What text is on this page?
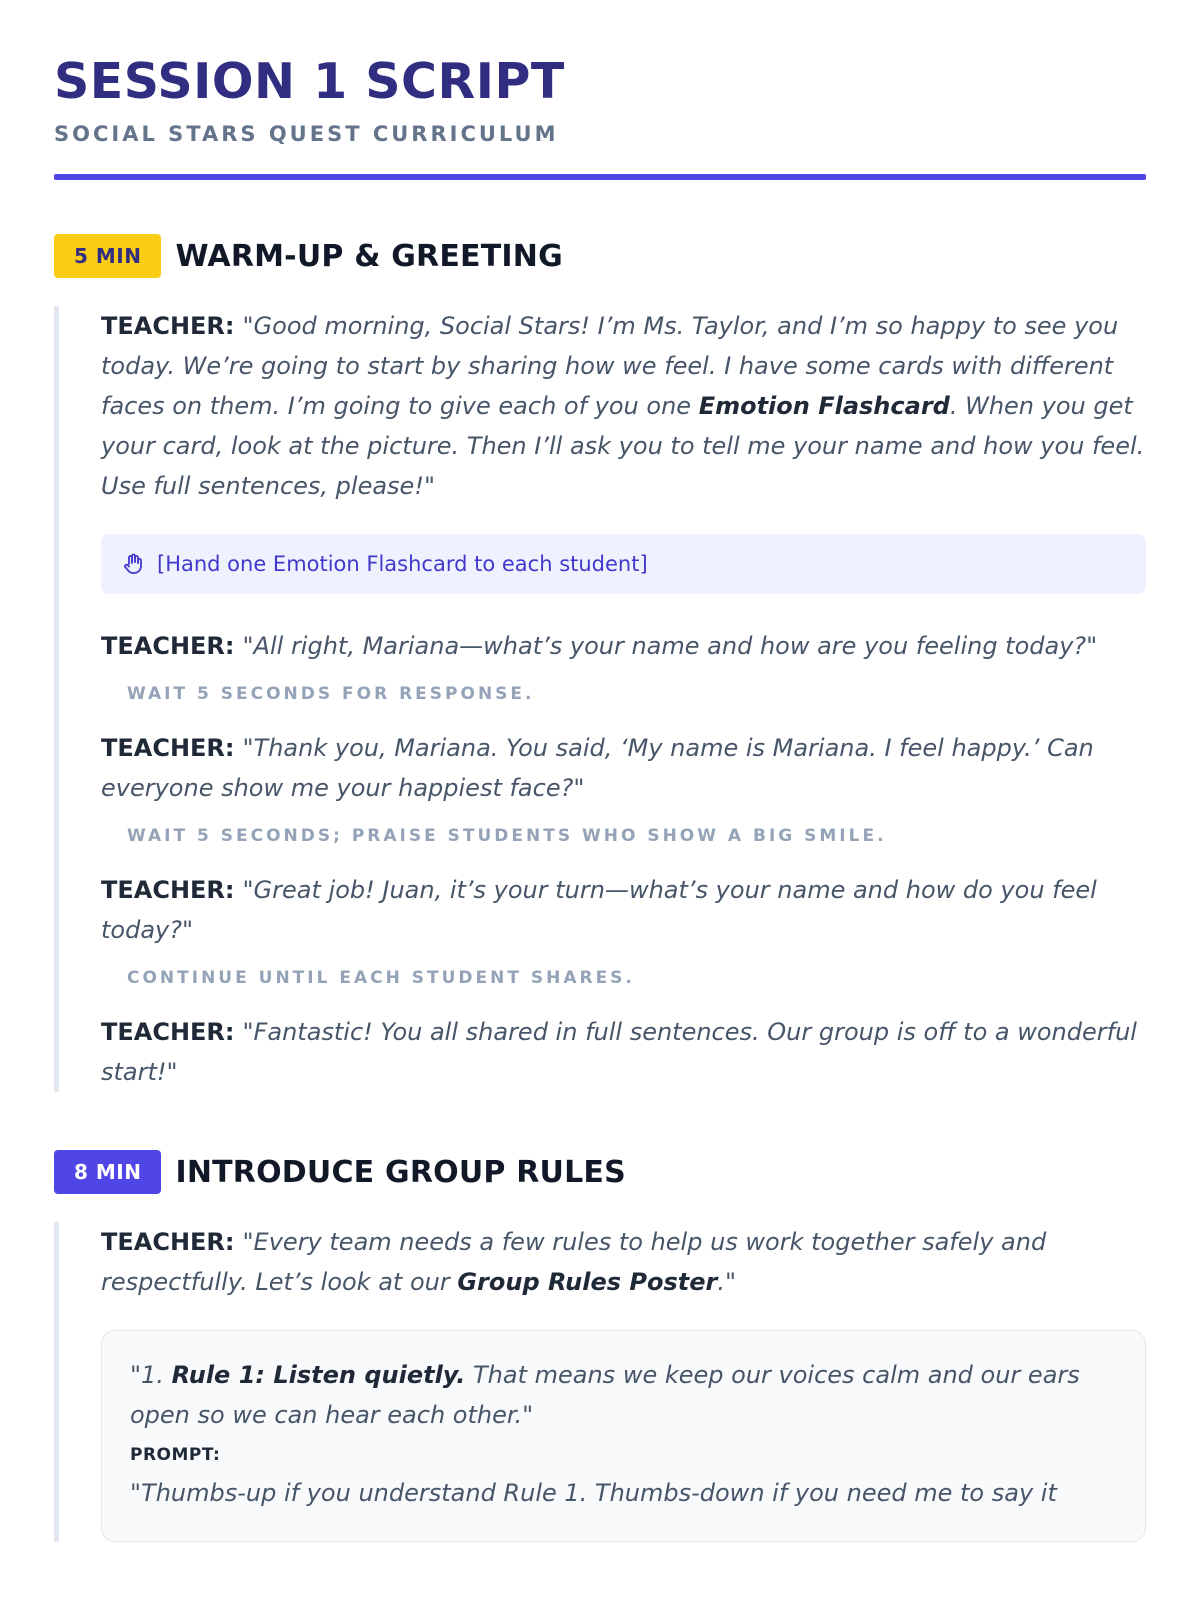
SESSION 1 SCRIPT
SOCIAL STARS QUEST CURRICULUM
5 MIN	WARM-UP & GREETING

TEACHER: "Good morning, Social Stars! I’m Ms. Taylor, and I’m so happy to see you today. We’re going to start by sharing how we feel. I have some cards with different faces on them. I’m going to give each of you one Emotion Flashcard. When you get your card, look at the picture. Then I’ll ask you to tell me your name and how you feel. Use full sentences, please!"

[Hand one Emotion Flashcard to each student]

TEACHER: "All right, Mariana—what’s your name and how are you feeling today?"

WAIT 5 SECONDS FOR RESPONSE.

TEACHER: "Thank you, Mariana. You said, ‘My name is Mariana. I feel happy.’ Can everyone show me your happiest face?"

WAIT 5 SECONDS; PRAISE STUDENTS WHO SHOW A BIG SMILE.

TEACHER: "Great job! Juan, it’s your turn—what’s your name and how do you feel today?"

CONTINUE UNTIL EACH STUDENT SHARES.

TEACHER: "Fantastic! You all shared in full sentences. Our group is off to a wonderful start!"

8 MIN	INTRODUCE GROUP RULES

TEACHER: "Every team needs a few rules to help us work together safely and respectfully. Let’s look at our Group Rules Poster."

"1. Rule 1: Listen quietly. That means we keep our voices calm and our ears open so we can hear each other."

PROMPT:

"Thumbs-up if you understand Rule 1. Thumbs-down if you need me to say it
